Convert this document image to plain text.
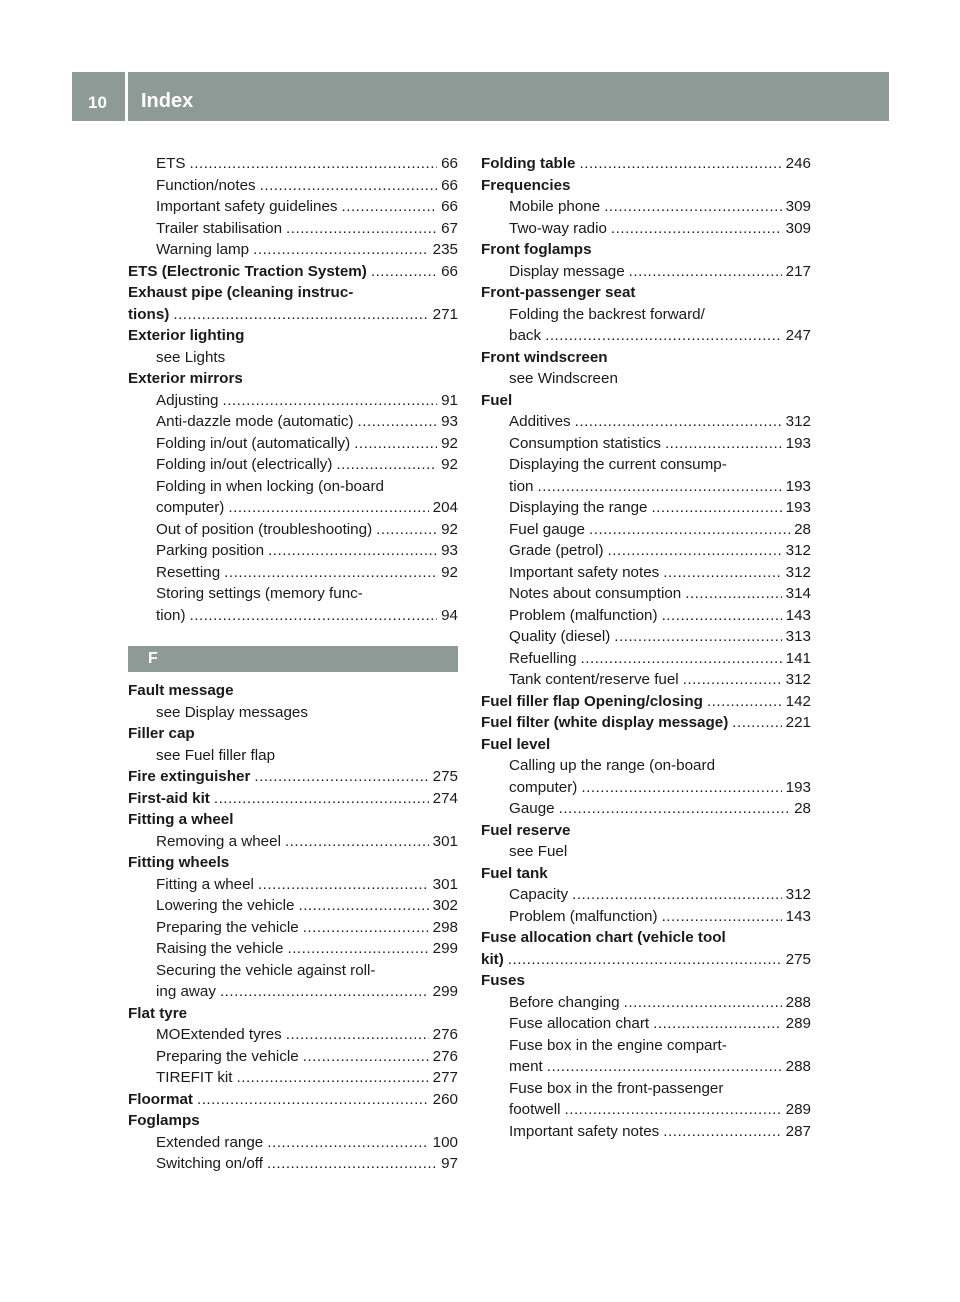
10	Index
ETS .....	66
Function/notes .....	66
Important safety guidelines .....	66
Trailer stabilisation .....	67
Warning lamp .....	235
ETS (Electronic Traction System) .....	66
Exhaust pipe (cleaning instruc-
tions) .....	271
Exterior lighting
see Lights
Exterior mirrors
Adjusting .....	91
Anti-dazzle mode (automatic) .....	93
Folding in/out (automatically) .....	92
Folding in/out (electrically) .....	92
Folding in when locking (on-board
computer) .....	204
Out of position (troubleshooting) .....	92
Parking position .....	93
Resetting .....	92
Storing settings (memory func-
tion) .....	94
F
Fault message
see Display messages
Filler cap
see Fuel filler flap
Fire extinguisher .....	275
First-aid kit .....	274
Fitting a wheel
Removing a wheel .....	301
Fitting wheels
Fitting a wheel .....	301
Lowering the vehicle .....	302
Preparing the vehicle .....	298
Raising the vehicle .....	299
Securing the vehicle against roll-
ing away .....	299
Flat tyre
MOExtended tyres .....	276
Preparing the vehicle .....	276
TIREFIT kit .....	277
Floormat .....	260
Foglamps
Extended range .....	100
Switching on/off .....	97
Folding table .....	246
Frequencies
Mobile phone .....	309
Two-way radio .....	309
Front foglamps
Display message .....	217
Front-passenger seat
Folding the backrest forward/
back .....	247
Front windscreen
see Windscreen
Fuel
Additives .....	312
Consumption statistics .....	193
Displaying the current consump-
tion .....	193
Displaying the range .....	193
Fuel gauge .....	28
Grade (petrol) .....	312
Important safety notes .....	312
Notes about consumption .....	314
Problem (malfunction) .....	143
Quality (diesel) .....	313
Refuelling .....	141
Tank content/reserve fuel .....	312
Fuel filler flap Opening/closing .....	142
Fuel filter (white display message) .....	221
Fuel level
Calling up the range (on-board
computer) .....	193
Gauge .....	28
Fuel reserve
see Fuel
Fuel tank
Capacity .....	312
Problem (malfunction) .....	143
Fuse allocation chart (vehicle tool
kit) .....	275
Fuses
Before changing .....	288
Fuse allocation chart .....	289
Fuse box in the engine compart-
ment .....	288
Fuse box in the front-passenger
footwell .....	289
Important safety notes .....	287
